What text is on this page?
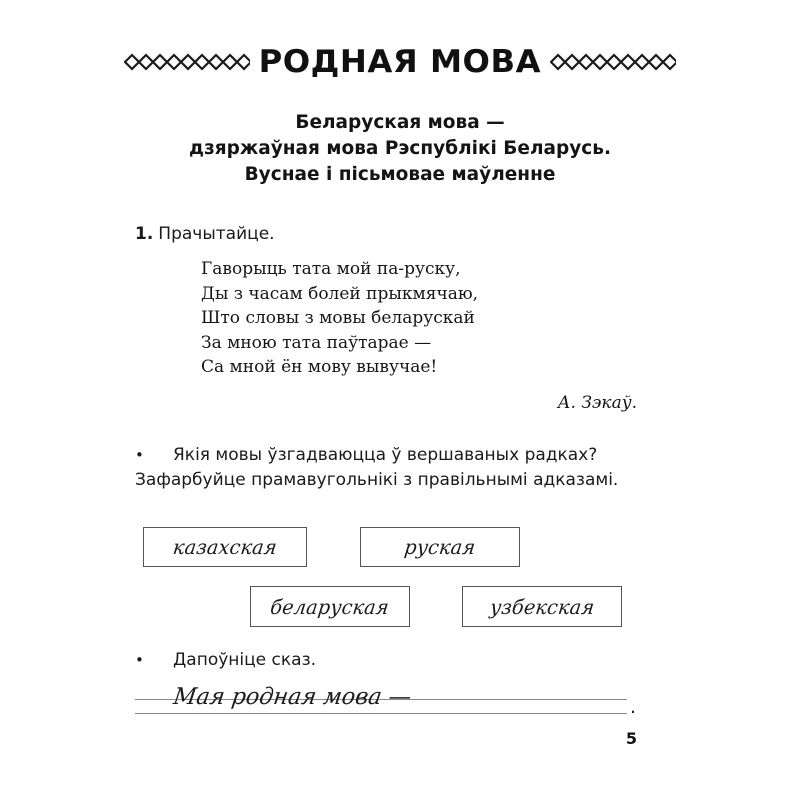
РОДНАЯ МОВА
Беларуская мова —
дзяржаўная мова Рэспублікі Беларусь.
Вуснае і пісьмовае маўленне
1. Прачытайце.
Гаворыць тата мой па-руску,
Ды з часам болей прыкмячаю,
Што словы з мовы беларускай
За мною тата паўтарае —
Са мной ён мову вывучае!
А. Зэкаў.
•	Якія мовы ўзгадваюцца ў вершаваных радках? Зафарбуйце прамавугольнікі з правільнымі адказамі.
казахская	руская
беларуская	узбекская
•	Дапоўніце сказ.
Мая родная мова —	.
5
